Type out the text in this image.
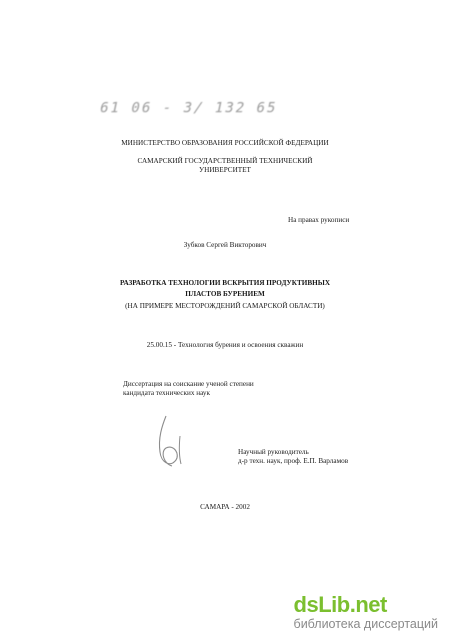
61 06 - 3/ 132 65
МИНИСТЕРСТВО ОБРАЗОВАНИЯ РОССИЙСКОЙ ФЕДЕРАЦИИ
САМАРСКИЙ ГОСУДАРСТВЕННЫЙ ТЕХНИЧЕСКИЙ
УНИВЕРСИТЕТ
На правах рукописи
Зубков Сергей Викторович
РАЗРАБОТКА ТЕХНОЛОГИИ ВСКРЫТИЯ ПРОДУКТИВНЫХ
ПЛАСТОВ БУРЕНИЕМ
(НА ПРИМЕРЕ МЕСТОРОЖДЕНИЙ САМАРСКОЙ ОБЛАСТИ)
25.00.15 - Технология бурения и освоения скважин
Диссертация на соискание ученой степени
кандидата технических наук
Научный руководитель
д-р техн. наук, проф. Е.П. Варламов
САМАРА - 2002
dsLib.net
библиотека диссертаций
